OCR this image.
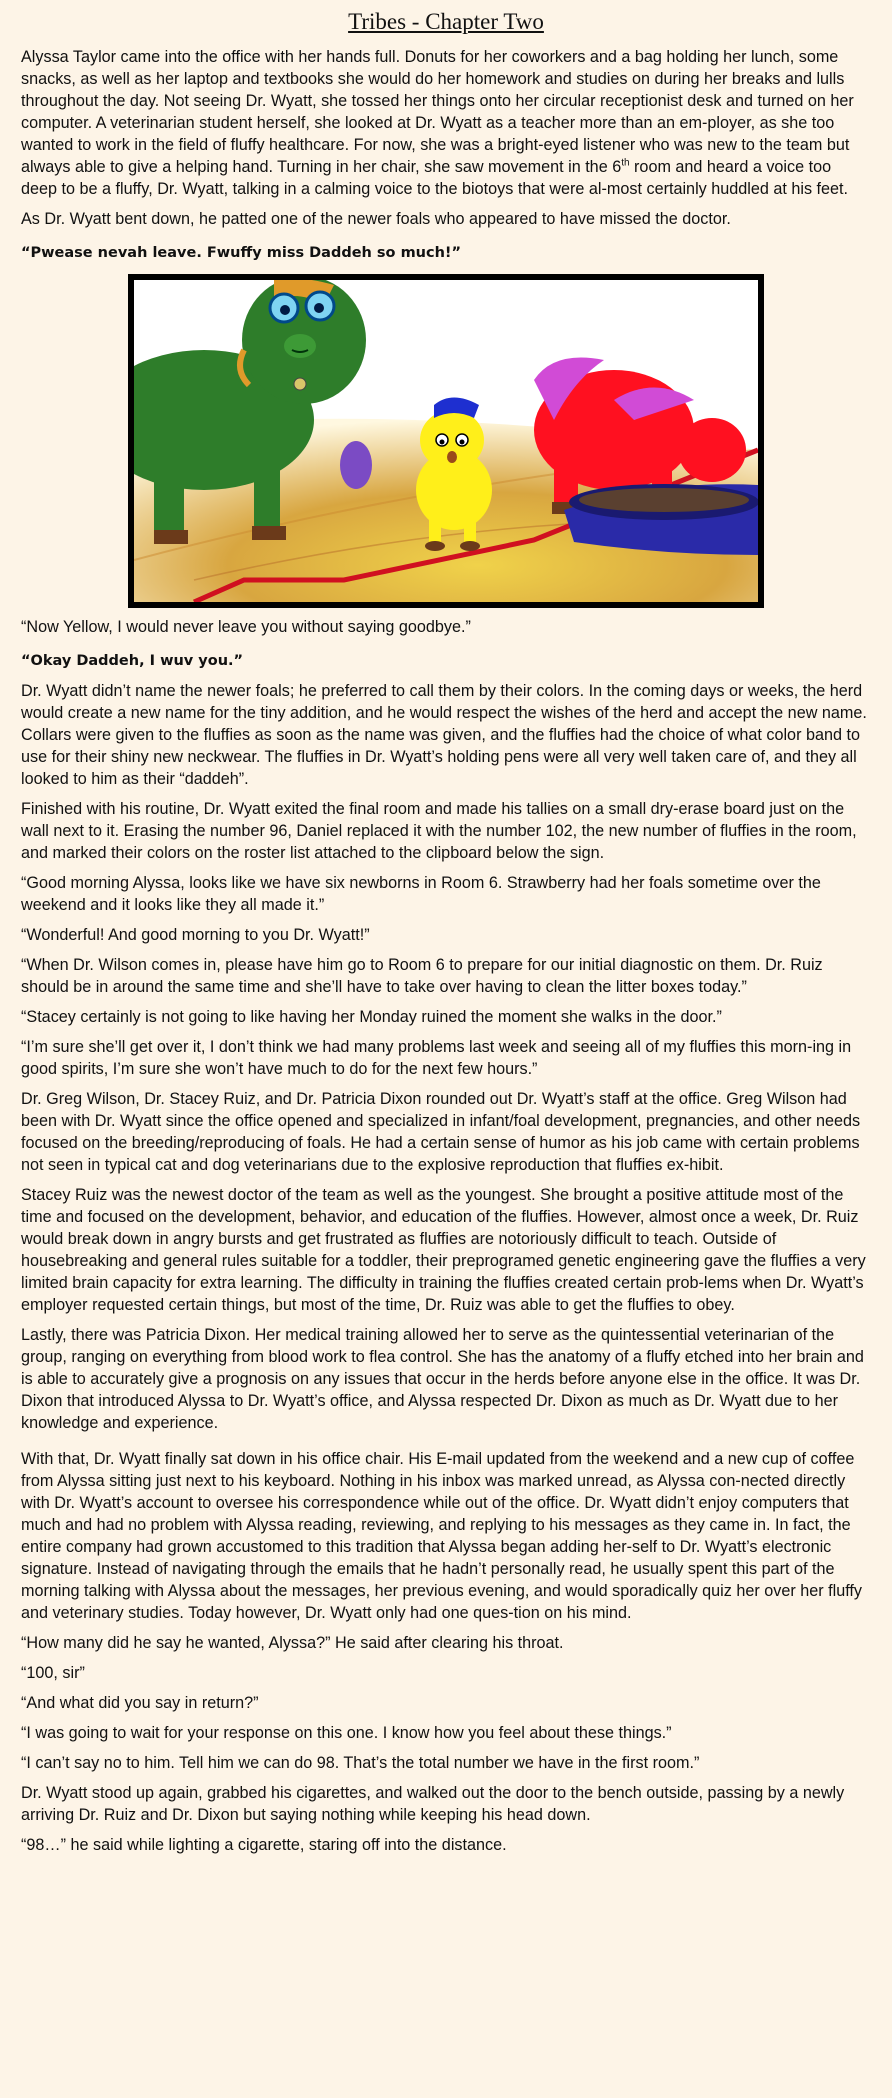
Tribes - Chapter Two

Alyssa Taylor came into the office with her hands full. Donuts for her coworkers and a bag holding her lunch, some snacks, as well as her laptop and textbooks she would do her homework and studies on during her breaks and lulls throughout the day. Not seeing Dr. Wyatt, she tossed her things onto her circular receptionist desk and turned on her computer. A veterinarian student herself, she looked at Dr. Wyatt as a teacher more than an em-ployer, as she too wanted to work in the field of fluffy healthcare. For now, she was a bright-eyed listener who was new to the team but always able to give a helping hand. Turning in her chair, she saw movement in the 6th room and heard a voice too deep to be a fluffy, Dr. Wyatt, talking in a calming voice to the biotoys that were al-most certainly huddled at his feet.

As Dr. Wyatt bent down, he patted one of the newer foals who appeared to have missed the doctor.

“Pwease nevah leave. Fwuffy miss Daddeh so much!”

“Now Yellow, I would never leave you without saying goodbye.”

“Okay Daddeh, I wuv you.”

Dr. Wyatt didn’t name the newer foals; he preferred to call them by their colors. In the coming days or weeks, the herd would create a new name for the tiny addition, and he would respect the wishes of the herd and accept the new name. Collars were given to the fluffies as soon as the name was given, and the fluffies had the choice of what color band to use for their shiny new neckwear. The fluffies in Dr. Wyatt’s holding pens were all very well taken care of, and they all looked to him as their “daddeh”.

Finished with his routine, Dr. Wyatt exited the final room and made his tallies on a small dry-erase board just on the wall next to it. Erasing the number 96, Daniel replaced it with the number 102, the new number of fluffies in the room, and marked their colors on the roster list attached to the clipboard below the sign.

“Good morning Alyssa, looks like we have six newborns in Room 6. Strawberry had her foals sometime over the weekend and it looks like they all made it.”

“Wonderful! And good morning to you Dr. Wyatt!”

“When Dr. Wilson comes in, please have him go to Room 6 to prepare for our initial diagnostic on them. Dr. Ruiz should be in around the same time and she’ll have to take over having to clean the litter boxes today.”

“Stacey certainly is not going to like having her Monday ruined the moment she walks in the door.”

“I’m sure she’ll get over it, I don’t think we had many problems last week and seeing all of my fluffies this morn-ing in good spirits, I’m sure she won’t have much to do for the next few hours.”

Dr. Greg Wilson, Dr. Stacey Ruiz, and Dr. Patricia Dixon rounded out Dr. Wyatt’s staff at the office. Greg Wilson had been with Dr. Wyatt since the office opened and specialized in infant/foal development, pregnancies, and other needs focused on the breeding/reproducing of foals. He had a certain sense of humor as his job came with certain problems not seen in typical cat and dog veterinarians due to the explosive reproduction that fluffies ex-hibit.

Stacey Ruiz was the newest doctor of the team as well as the youngest. She brought a positive attitude most of the time and focused on the development, behavior, and education of the fluffies. However, almost once a week, Dr. Ruiz would break down in angry bursts and get frustrated as fluffies are notoriously difficult to teach. Outside of housebreaking and general rules suitable for a toddler, their preprogramed genetic engineering gave the fluffies a very limited brain capacity for extra learning. The difficulty in training the fluffies created certain prob-lems when Dr. Wyatt’s employer requested certain things, but most of the time, Dr. Ruiz was able to get the fluffies to obey.

Lastly, there was Patricia Dixon. Her medical training allowed her to serve as the quintessential veterinarian of the group, ranging on everything from blood work to flea control. She has the anatomy of a fluffy etched into her brain and is able to accurately give a prognosis on any issues that occur in the herds before anyone else in the office. It was Dr. Dixon that introduced Alyssa to Dr. Wyatt’s office, and Alyssa respected Dr. Dixon as much as Dr. Wyatt due to her knowledge and experience.

With that, Dr. Wyatt finally sat down in his office chair. His E-mail updated from the weekend and a new cup of coffee from Alyssa sitting just next to his keyboard. Nothing in his inbox was marked unread, as Alyssa con-nected directly with Dr. Wyatt’s account to oversee his correspondence while out of the office. Dr. Wyatt didn’t enjoy computers that much and had no problem with Alyssa reading, reviewing, and replying to his messages as they came in. In fact, the entire company had grown accustomed to this tradition that Alyssa began adding her-self to Dr. Wyatt’s electronic signature. Instead of navigating through the emails that he hadn’t personally read, he usually spent this part of the morning talking with Alyssa about the messages, her previous evening, and would sporadically quiz her over her fluffy and veterinary studies. Today however, Dr. Wyatt only had one ques-tion on his mind.

“How many did he say he wanted, Alyssa?” He said after clearing his throat.

“100, sir”

“And what did you say in return?”

“I was going to wait for your response on this one. I know how you feel about these things.”

“I can’t say no to him. Tell him we can do 98. That’s the total number we have in the first room.”

Dr. Wyatt stood up again, grabbed his cigarettes, and walked out the door to the bench outside, passing by a newly arriving Dr. Ruiz and Dr. Dixon but saying nothing while keeping his head down.

“98…” he said while lighting a cigarette, staring off into the distance.
